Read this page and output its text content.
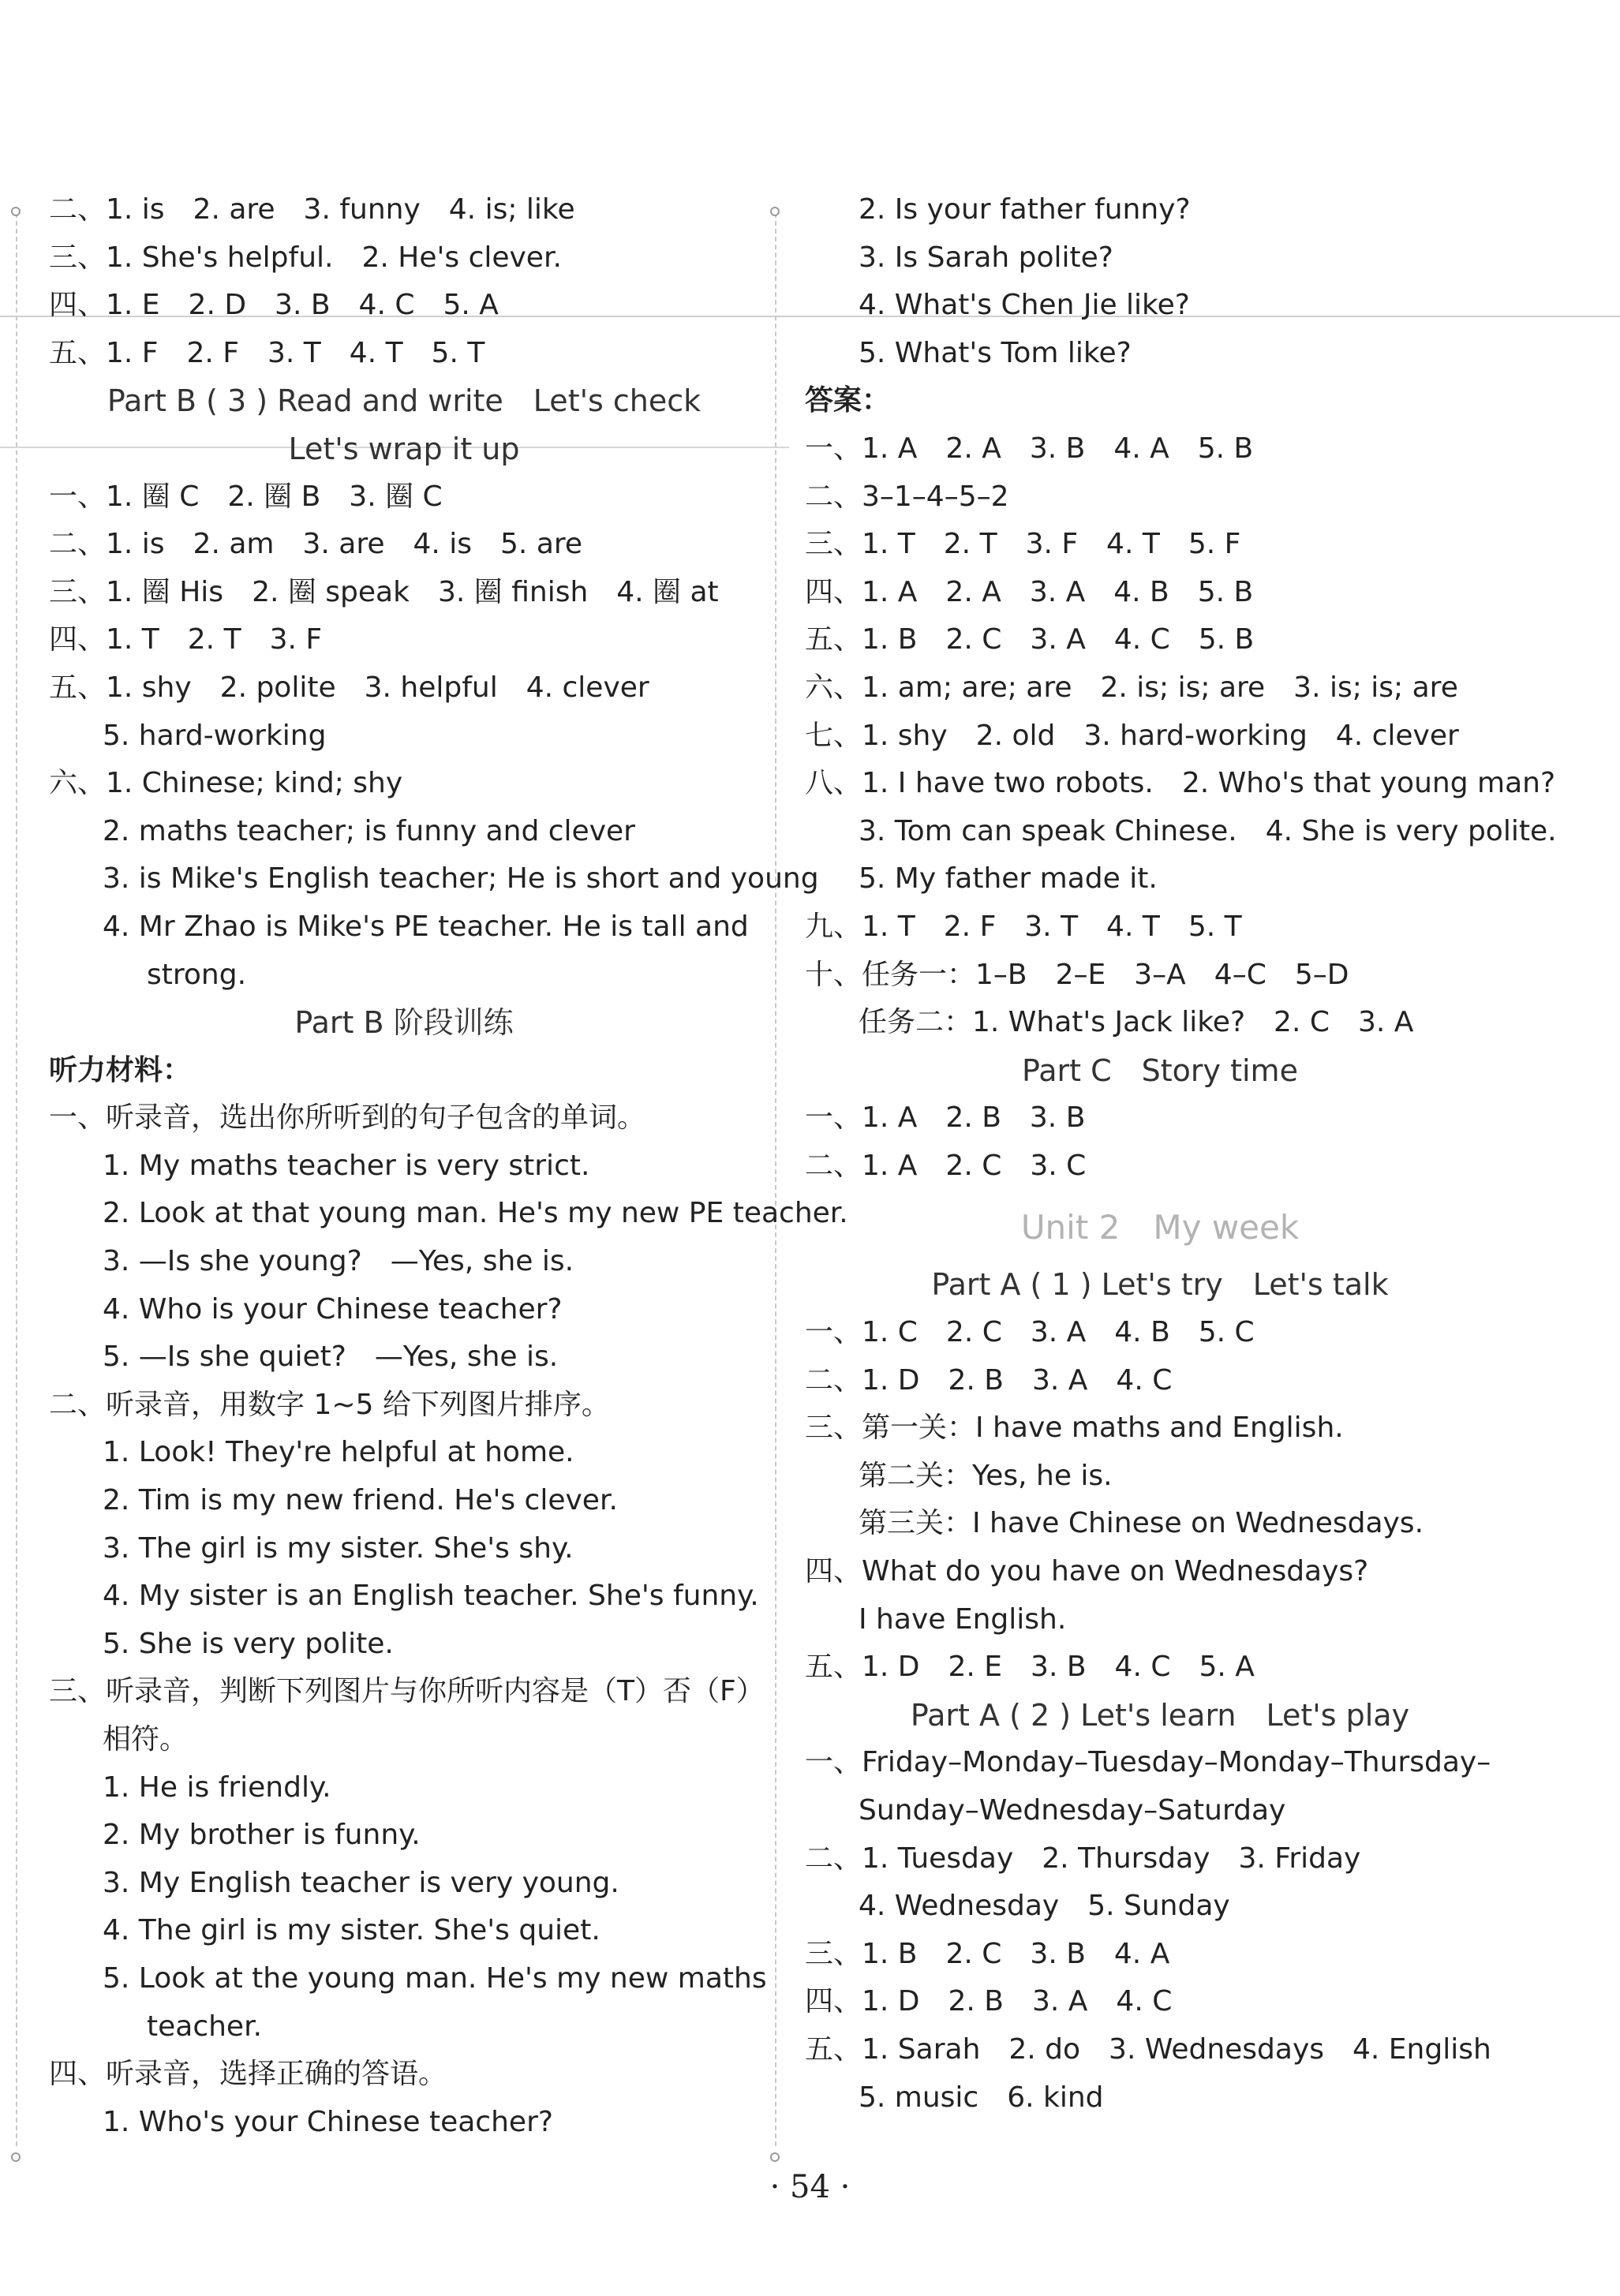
二、1. is　2. are　3. funny　4. is; like
三、1. She's helpful.　2. He's clever.
四、1. E　2. D　3. B　4. C　5. A
五、1. F　2. F　3. T　4. T　5. T
Part B ( 3 ) Read and write　Let's check
Let's wrap it up
一、1. 圈 C　2. 圈 B　3. 圈 C
二、1. is　2. am　3. are　4. is　5. are
三、1. 圈 His　2. 圈 speak　3. 圈 finish　4. 圈 at
四、1. T　2. T　3. F
五、1. shy　2. polite　3. helpful　4. clever
5. hard-working
六、1. Chinese; kind; shy
2. maths teacher; is funny and clever
3. is Mike's English teacher; He is short and young
4. Mr Zhao is Mike's PE teacher. He is tall and
strong.
Part B 阶段训练
听力材料：
一、听录音，选出你所听到的句子包含的单词。
1. My maths teacher is very strict.
2. Look at that young man. He's my new PE teacher.
3. —Is she young?　—Yes, she is.
4. Who is your Chinese teacher?
5. —Is she quiet?　—Yes, she is.
二、听录音，用数字 1~5 给下列图片排序。
1. Look! They're helpful at home.
2. Tim is my new friend. He's clever.
3. The girl is my sister. She's shy.
4. My sister is an English teacher. She's funny.
5. She is very polite.
三、听录音，判断下列图片与你所听内容是（T）否（F）
相符。
1. He is friendly.
2. My brother is funny.
3. My English teacher is very young.
4. The girl is my sister. She's quiet.
5. Look at the young man. He's my new maths
teacher.
四、听录音，选择正确的答语。
1. Who's your Chinese teacher?
2. Is your father funny?
3. Is Sarah polite?
4. What's Chen Jie like?
5. What's Tom like?
答案：
一、1. A　2. A　3. B　4. A　5. B
二、3–1–4–5–2
三、1. T　2. T　3. F　4. T　5. F
四、1. A　2. A　3. A　4. B　5. B
五、1. B　2. C　3. A　4. C　5. B
六、1. am; are; are　2. is; is; are　3. is; is; are
七、1. shy　2. old　3. hard-working　4. clever
八、1. I have two robots.　2. Who's that young man?
3. Tom can speak Chinese.　4. She is very polite.
5. My father made it.
九、1. T　2. F　3. T　4. T　5. T
十、任务一：1–B　2–E　3–A　4–C　5–D
任务二：1. What's Jack like?　2. C　3. A
Part C　Story time
一、1. A　2. B　3. B
二、1. A　2. C　3. C
Unit 2　My week
Part A ( 1 ) Let's try　Let's talk
一、1. C　2. C　3. A　4. B　5. C
二、1. D　2. B　3. A　4. C
三、第一关：I have maths and English.
第二关：Yes, he is.
第三关：I have Chinese on Wednesdays.
四、What do you have on Wednesdays?
I have English.
五、1. D　2. E　3. B　4. C　5. A
Part A ( 2 ) Let's learn　Let's play
一、Friday–Monday–Tuesday–Monday–Thursday–
Sunday–Wednesday–Saturday
二、1. Tuesday　2. Thursday　3. Friday
4. Wednesday　5. Sunday
三、1. B　2. C　3. B　4. A
四、1. D　2. B　3. A　4. C
五、1. Sarah　2. do　3. Wednesdays　4. English
5. music　6. kind
· 54 ·
